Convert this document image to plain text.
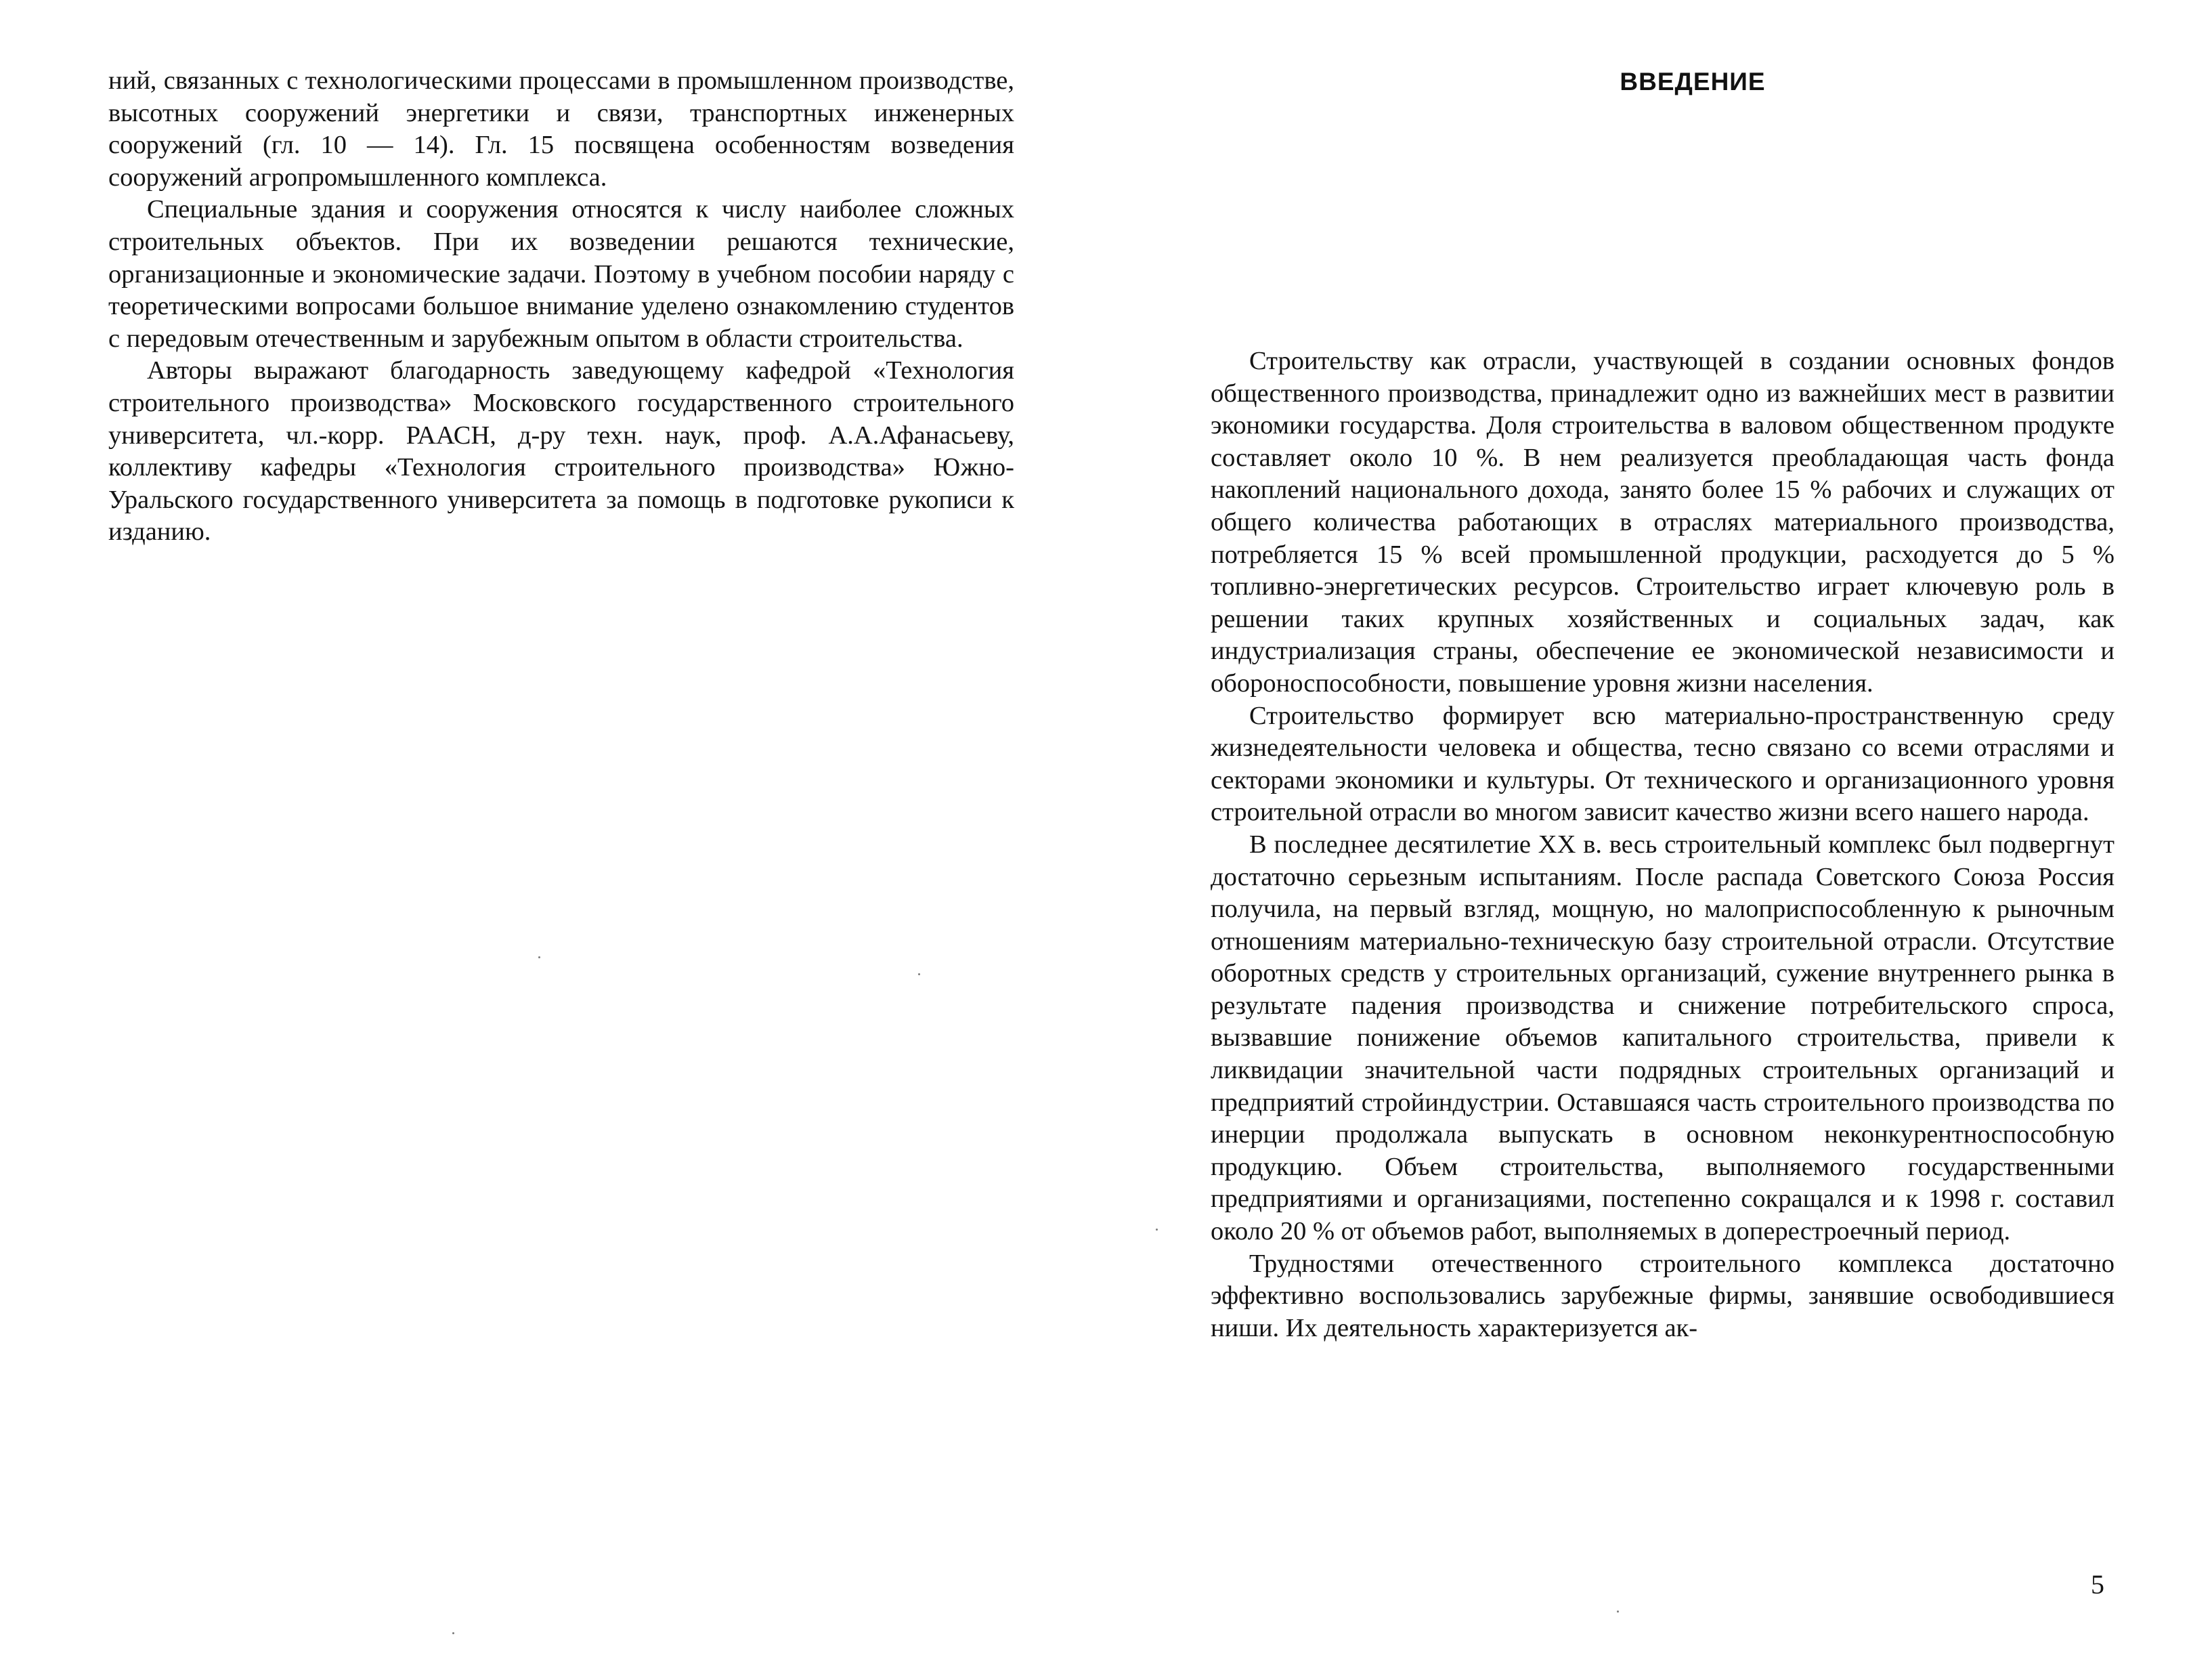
ний, связанных с технологическими процессами в промышленном производстве, высотных сооружений энергетики и связи, транспортных инженерных сооружений (гл. 10 — 14). Гл. 15 посвящена особенностям возведения сооружений агропромышленного комплекса.

Специальные здания и сооружения относятся к числу наиболее сложных строительных объектов. При их возведении решаются технические, организационные и экономические задачи. Поэтому в учебном пособии наряду с теоретическими вопросами большое внимание уделено ознакомлению студентов с передовым отечественным и зарубежным опытом в области строительства.

Авторы выражают благодарность заведующему кафедрой «Технология строительного производства» Московского государственного строительного университета, чл.-корр. РААСН, д-ру техн. наук, проф. А.А.Афанасьеву, коллективу кафедры «Технология строительного производства» Южно-Уральского государственного университета за помощь в подготовке рукописи к изданию.

ВВЕДЕНИЕ

Строительству как отрасли, участвующей в создании основных фондов общественного производства, принадлежит одно из важнейших мест в развитии экономики государства. Доля строительства в валовом общественном продукте составляет около 10 %. В нем реализуется преобладающая часть фонда накоплений национального дохода, занято более 15 % рабочих и служащих от общего количества работающих в отраслях материального производства, потребляется 15 % всей промышленной продукции, расходуется до 5 % топливно-энергетических ресурсов. Строительство играет ключевую роль в решении таких крупных хозяйственных и социальных задач, как индустриализация страны, обеспечение ее экономической независимости и обороноспособности, повышение уровня жизни населения.

Строительство формирует всю материально-пространственную среду жизнедеятельности человека и общества, тесно связано со всеми отраслями и секторами экономики и культуры. От технического и организационного уровня строительной отрасли во многом зависит качество жизни всего нашего народа.

В последнее десятилетие XX в. весь строительный комплекс был подвергнут достаточно серьезным испытаниям. После распада Советского Союза Россия получила, на первый взгляд, мощную, но малоприспособленную к рыночным отношениям материально-техническую базу строительной отрасли. Отсутствие оборотных средств у строительных организаций, сужение внутреннего рынка в результате падения производства и снижение потребительского спроса, вызвавшие понижение объемов капитального строительства, привели к ликвидации значительной части подрядных строительных организаций и предприятий стройиндустрии. Оставшаяся часть строительного производства по инерции продолжала выпускать в основном неконкурентноспособную продукцию. Объем строительства, выполняемого государственными предприятиями и организациями, постепенно сокращался и к 1998 г. составил около 20 % от объемов работ, выполняемых в доперестроечный период.

Трудностями отечественного строительного комплекса достаточно эффективно воспользовались зарубежные фирмы, занявшие освободившиеся ниши. Их деятельность характеризуется ак-

5
